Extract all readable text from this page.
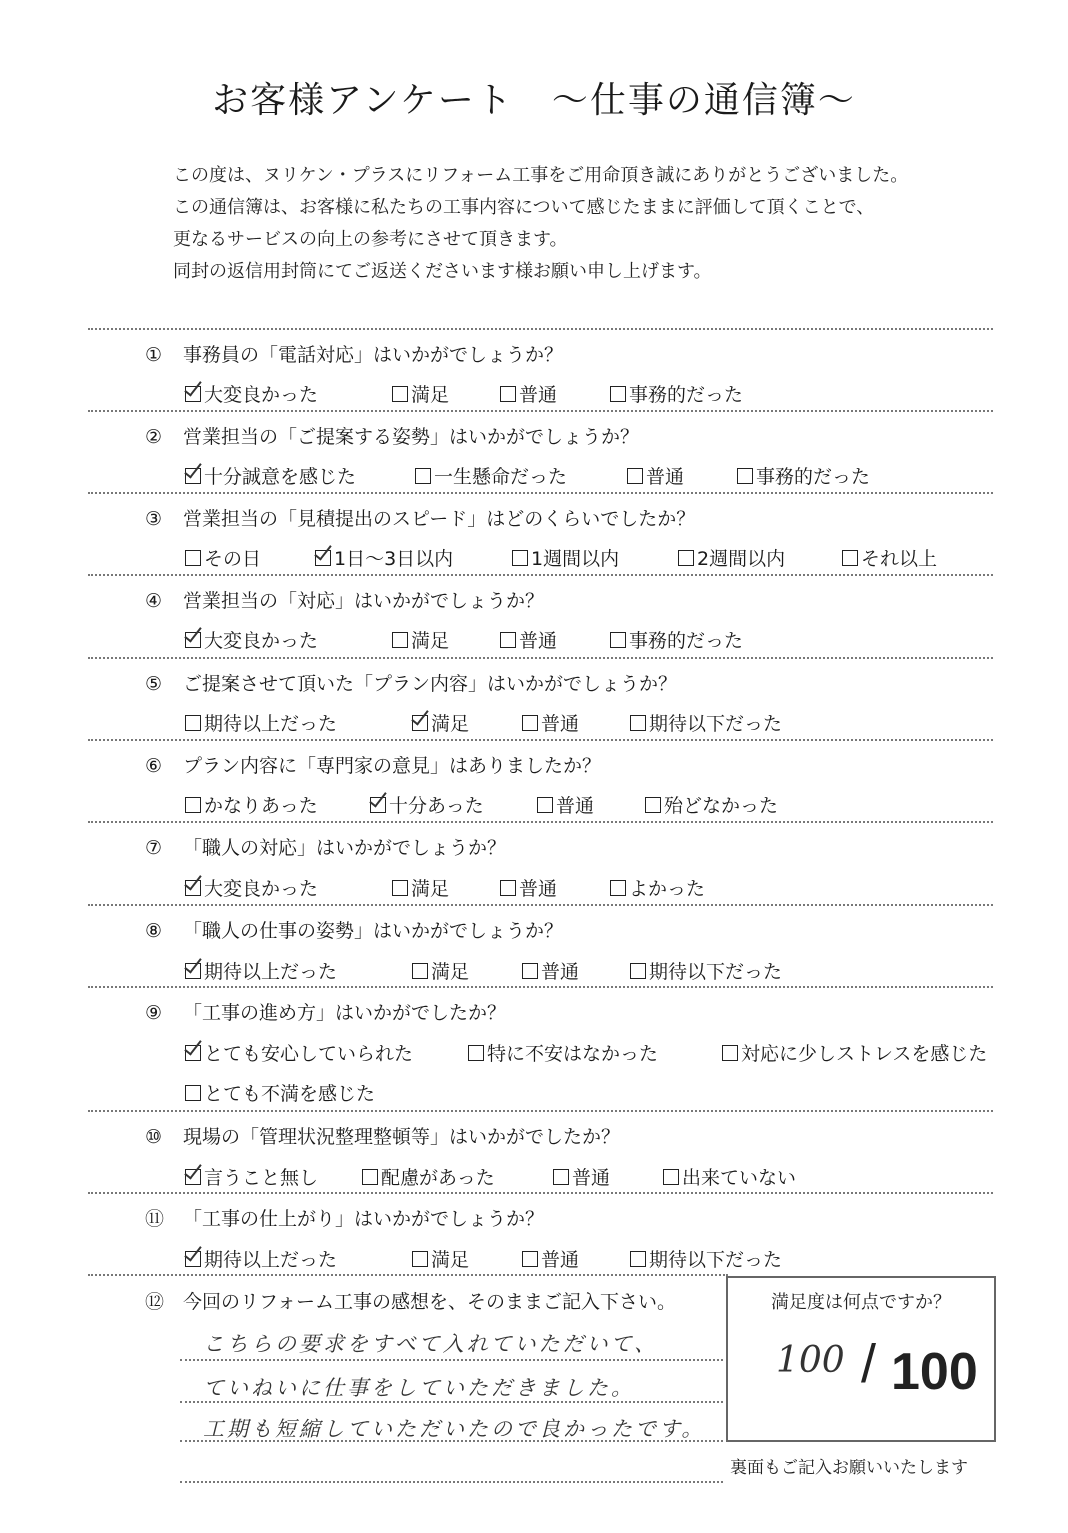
お客様アンケート　～仕事の通信簿～
この度は、ヌリケン・プラスにリフォーム工事をご用命頂き誠にありがとうございました。
この通信簿は、お客様に私たちの工事内容について感じたままに評価して頂くことで、
更なるサービスの向上の参考にさせて頂きます。
同封の返信用封筒にてご返送くださいます様お願い申し上げます。
① 事務員の「電話対応」はいかがでしょうか？
大変良かった	満足	普通	事務的だった
② 営業担当の「ご提案する姿勢」はいかがでしょうか？
十分誠意を感じた	一生懸命だった	普通	事務的だった
③ 営業担当の「見積提出のスピード」はどのくらいでしたか？
その日	1日～3日以内	1週間以内	2週間以内	それ以上
④ 営業担当の「対応」はいかがでしょうか？
大変良かった	満足	普通	事務的だった
⑤ ご提案させて頂いた「プラン内容」はいかがでしょうか？
期待以上だった	満足	普通	期待以下だった
⑥ プラン内容に「専門家の意見」はありましたか？
かなりあった	十分あった	普通	殆どなかった
⑦ 「職人の対応」はいかがでしょうか？
大変良かった	満足	普通	よかった
⑧ 「職人の仕事の姿勢」はいかがでしょうか？
期待以上だった	満足	普通	期待以下だった
⑨ 「工事の進め方」はいかがでしたか？
とても安心していられた	特に不安はなかった	対応に少しストレスを感じた
とても不満を感じた
⑩ 現場の「管理状況整理整頓等」はいかがでしたか？
言うこと無し	配慮があった	普通	出来ていない
⑪ 「工事の仕上がり」はいかがでしょうか？
期待以上だった	満足	普通	期待以下だった
⑫ 今回のリフォーム工事の感想を、そのままご記入下さい。
こちらの要求をすべて入れていただいて、
ていねいに仕事をしていただきました。
工期も短縮していただいたので良かったです。
満足度は何点ですか？
100 / 100
裏面もご記入お願いいたします
